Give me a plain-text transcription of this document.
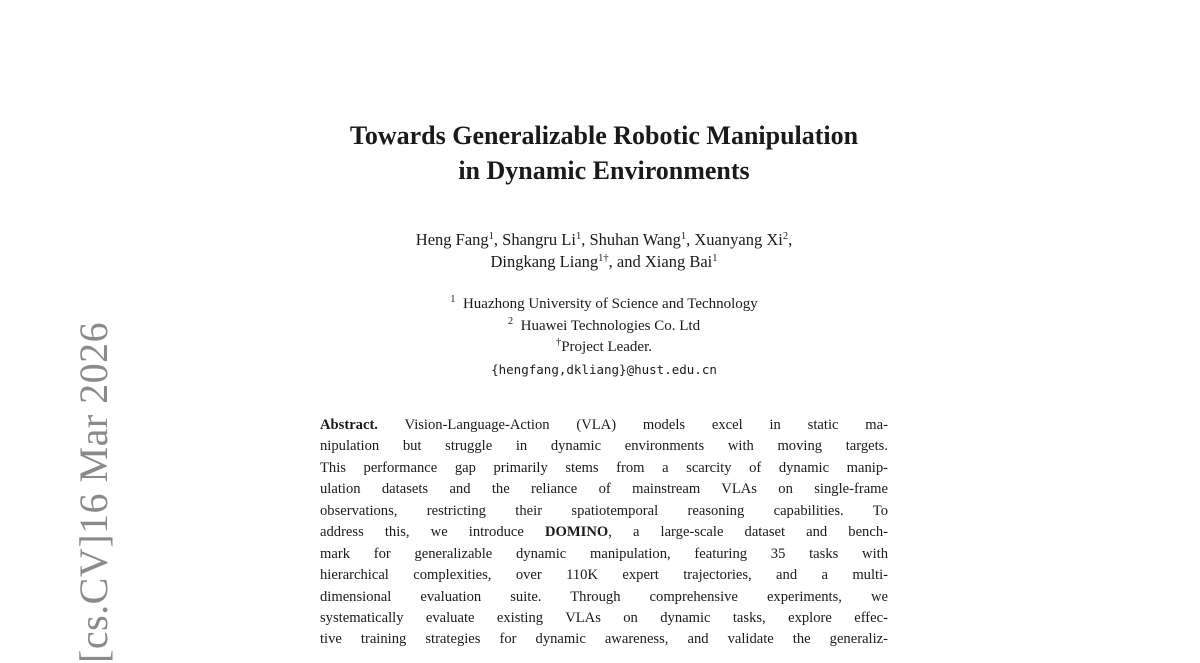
[cs.CV]16 Mar 2026
Towards Generalizable Robotic Manipulation
in Dynamic Environments
Heng Fang$^1$, Shangru Li$^1$, Shuhan Wang$^1$, Xuanyang Xi$^2$,
Dingkang Liang$^{1\dagger}$, and Xiang Bai$^1$
$^1$ Huazhong University of Science and Technology
$^2$ Huawei Technologies Co. Ltd
†Project Leader.
{hengfang,dkliang}@hust.edu.cn
Abstract. Vision-Language-Action (VLA) models excel in static ma-
nipulation but struggle in dynamic environments with moving targets.
This performance gap primarily stems from a scarcity of dynamic manip-
ulation datasets and the reliance of mainstream VLAs on single-frame
observations, restricting their spatiotemporal reasoning capabilities. To
address this, we introduce DOMINO, a large-scale dataset and bench-
mark for generalizable dynamic manipulation, featuring 35 tasks with
hierarchical complexities, over 110K expert trajectories, and a multi-
dimensional evaluation suite. Through comprehensive experiments, we
systematically evaluate existing VLAs on dynamic tasks, explore effec-
tive training strategies for dynamic awareness, and validate the generaliz-
